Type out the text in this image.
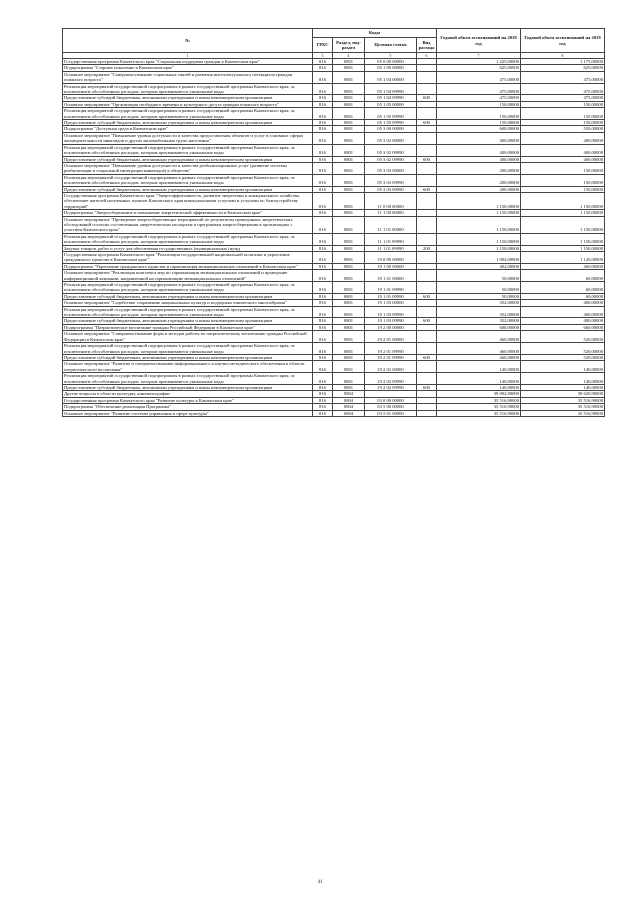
№	Коды				Годовой объем ассигнований на 2018 год	Годовой объем ассигнований на 2019 год
	ГРБС	Раздел, под-раздел	Целевая статья	Вид расхода		
1	3	4	5	6	7	8
Государственная программа Камчатского края "Социальная поддержка граждан в Камчатском крае"	816	0801	05 0 00 00000		1 225,00000	1 175,00000
Подпрограмма "Старшее поколение в Камчатском крае"	816	0801	05 1 00 00000		625,00000	625,00000
Основное мероприятие "Совершенствование социальных связей и развития интеллектуального потенциала граждан пожилого возраста"	816	0801	05 1 04 00000		475,00000	475,00000
Реализация мероприятий государственной подпрограммы в рамках государственной программы Камчатского края, за исключением обособленных расходов, которым присваиваются уникальные коды	816	0801	05 1 04 09990		475,00000	475,00000
Предоставление субсидий бюджетным, автономным учреждениям и иным некоммерческим организациям	816	0801	05 1 04 09990	600	475,00000	475,00000
Основное мероприятие "Организация свободного времени и культурного досуга граждан пожилого возраста"	816	0801	05 1 05 00000		150,00000	150,00000
Реализация мероприятий государственной подпрограммы в рамках государственной программы Камчатского края, за исключением обособленных расходов, которым присваиваются уникальные коды	816	0801	05 1 05 09990		150,00000	150,00000
Предоставление субсидий бюджетным, автономным учреждениям и иным некоммерческим организациям	816	0801	05 1 05 09990	600	150,00000	150,00000
Подпрограмма "Доступная среда в Камчатском крае"	816	0801	05 3 00 00000		600,00000	550,00000
Основное мероприятие "Повышение уровня доступности и качества предоставления объектов и услуг в основных сферах жизнедеятельности инвалидов и других маломобильных групп населения"	816	0801	05 3 02 00000		400,00000	400,00000
Реализация мероприятий государственной подпрограммы в рамках государственной программы Камчатского края, за исключением обособленных расходов, которым присваиваются уникальные коды	816	0801	05 3 02 09990		400,00000	400,00000
Предоставление субсидий бюджетным, автономным учреждениям и иным некоммерческим организациям	816	0801	05 3 02 09990	600	400,00000	400,00000
Основное мероприятие "Повышение уровня доступности и качества реабилитационных услуг (развитие системы реабилитации и социальной интеграции инвалидов) в обществе"	816	0801	05 3 03 00000		200,00000	150,00000
Реализация мероприятий государственной подпрограммы в рамках государственной программы Камчатского края, за исключением обособленных расходов, которым присваиваются уникальные коды	816	0801	05 3 03 09990		200,00000	150,00000
Предоставление субсидий бюджетным, автономным учреждениям и иным некоммерческим организациям	816	0801	05 3 03 09990	600	200,00000	150,00000
Государственная программа Камчатского края "Энергоэффективность, развитие энергетики и коммунального хозяйства, обеспечение жителей населенных пунктов Камчатского края коммунальными услугами и услугами по благоустройству территорий"	816	0801	11 0 00 00000		1 150,00000	1 150,00000
Подпрограмма "Энергосбережение и повышение энергетической эффективности в Камчатском крае"	816	0801	11 1 00 00000		1 150,00000	1 150,00000
Основное мероприятие "Проведение энергосберегающих мероприятий по результатам проведенных энергетических обследований согласно составленным энергетическим паспортам и программам энергосбережения в организациях с участием Камчатского края"	816	0801	11 1 01 00000		1 150,00000	1 150,00000
Реализация мероприятий государственной подпрограммы в рамках государственной программы Камчатского края, за исключением обособленных расходов, которым присваиваются уникальные коды	816	0801	11 1 01 09990		1 150,00000	1 150,00000
Закупка товаров, работ и услуг для обеспечения государственных (муниципальных) нужд	816	0801	11 1 01 09990	200	1 150,00000	1 150,00000
Государственная программа Камчатского края "Реализация государственной национальной политики и укрепление гражданского единства в Камчатском крае"	816	0801	19 0 00 00000		1 002,00000	1 120,00000
Подпрограмма "Укрепление гражданского единства и гармонизация межнациональных отношений в Камчатском крае"	816	0801	19 1 00 00000		402,00000	460,00000
Основное мероприятие "Реализация комплекса мер по гармонизации межнациональных отношений и проведение информационной кампании, направленной на гармонизацию межнациональных отношений"	816	0801	19 1 01 00000		50,00000	60,00000
Реализация мероприятий государственной подпрограммы в рамках государственной программы Камчатского края, за исключением обособленных расходов, которым присваиваются уникальные коды	816	0801	19 1 01 09990		50,00000	60,00000
Предоставление субсидий бюджетным, автономным учреждениям и иным некоммерческим организациям	816	0801	19 1 01 09990	600	50,00000	60,00000
Основное мероприятие "Содействие сохранению национальных культур и поддержка этнического многообразия"	816	0801	19 1 03 00000		352,00000	400,00000
Реализация мероприятий государственной подпрограммы в рамках государственной программы Камчатского края, за исключением обособленных расходов, которым присваиваются уникальные коды	816	0801	19 1 03 09990		352,00000	400,00000
Предоставление субсидий бюджетным, автономным учреждениям и иным некоммерческим организациям	816	0801	19 1 03 09990	600	352,00000	400,00000
Подпрограмма "Патриотическое воспитание граждан Российской Федерации в Камчатском крае"	816	0801	19 2 00 00000		600,00000	660,00000
Основное мероприятие "Совершенствование форм и методов работы по патриотическому воспитанию граждан Российской Федерации в Камчатском крае"	816	0801	19 2 01 00000		460,00000	520,00000
Реализация мероприятий государственной подпрограммы в рамках государственной программы Камчатского края, за исключением обособленных расходов, которым присваиваются уникальные коды	816	0801	19 2 01 09990		460,00000	520,00000
Предоставление субсидий бюджетным, автономным учреждениям и иным некоммерческим организациям	816	0801	19 2 01 09990	600	460,00000	520,00000
Основное мероприятие "Развитие и совершенствование информационного и научно-методического обеспечения в области патриотического воспитания"	816	0801	19 2 02 00000		140,00000	140,00000
Реализация мероприятий государственной подпрограммы в рамках государственной программы Камчатского края, за исключением обособленных расходов, которым присваиваются уникальные коды	816	0801	19 2 02 09990		140,00000	140,00000
Предоставление субсидий бюджетным, автономным учреждениям и иным некоммерческим организациям	816	0801	19 2 02 09990	600	140,00000	140,00000
Другие вопросы в области культуры, кинематографии	816	0804			39 092,90000	39 620,90000
Государственная программа Камчатского края "Развитие культуры в Камчатском крае"	816	0804	03 0 00 00000		35 516,90000	35 516,90000
Подпрограмма "Обеспечение реализации Программы"	816	0804	03 5 00 00000		35 516,90000	35 516,90000
Основное мероприятие "Развитие системы управления в сфере культуры"	816	0804	03 5 01 00000		35 516,90000	35 516,90000
41
